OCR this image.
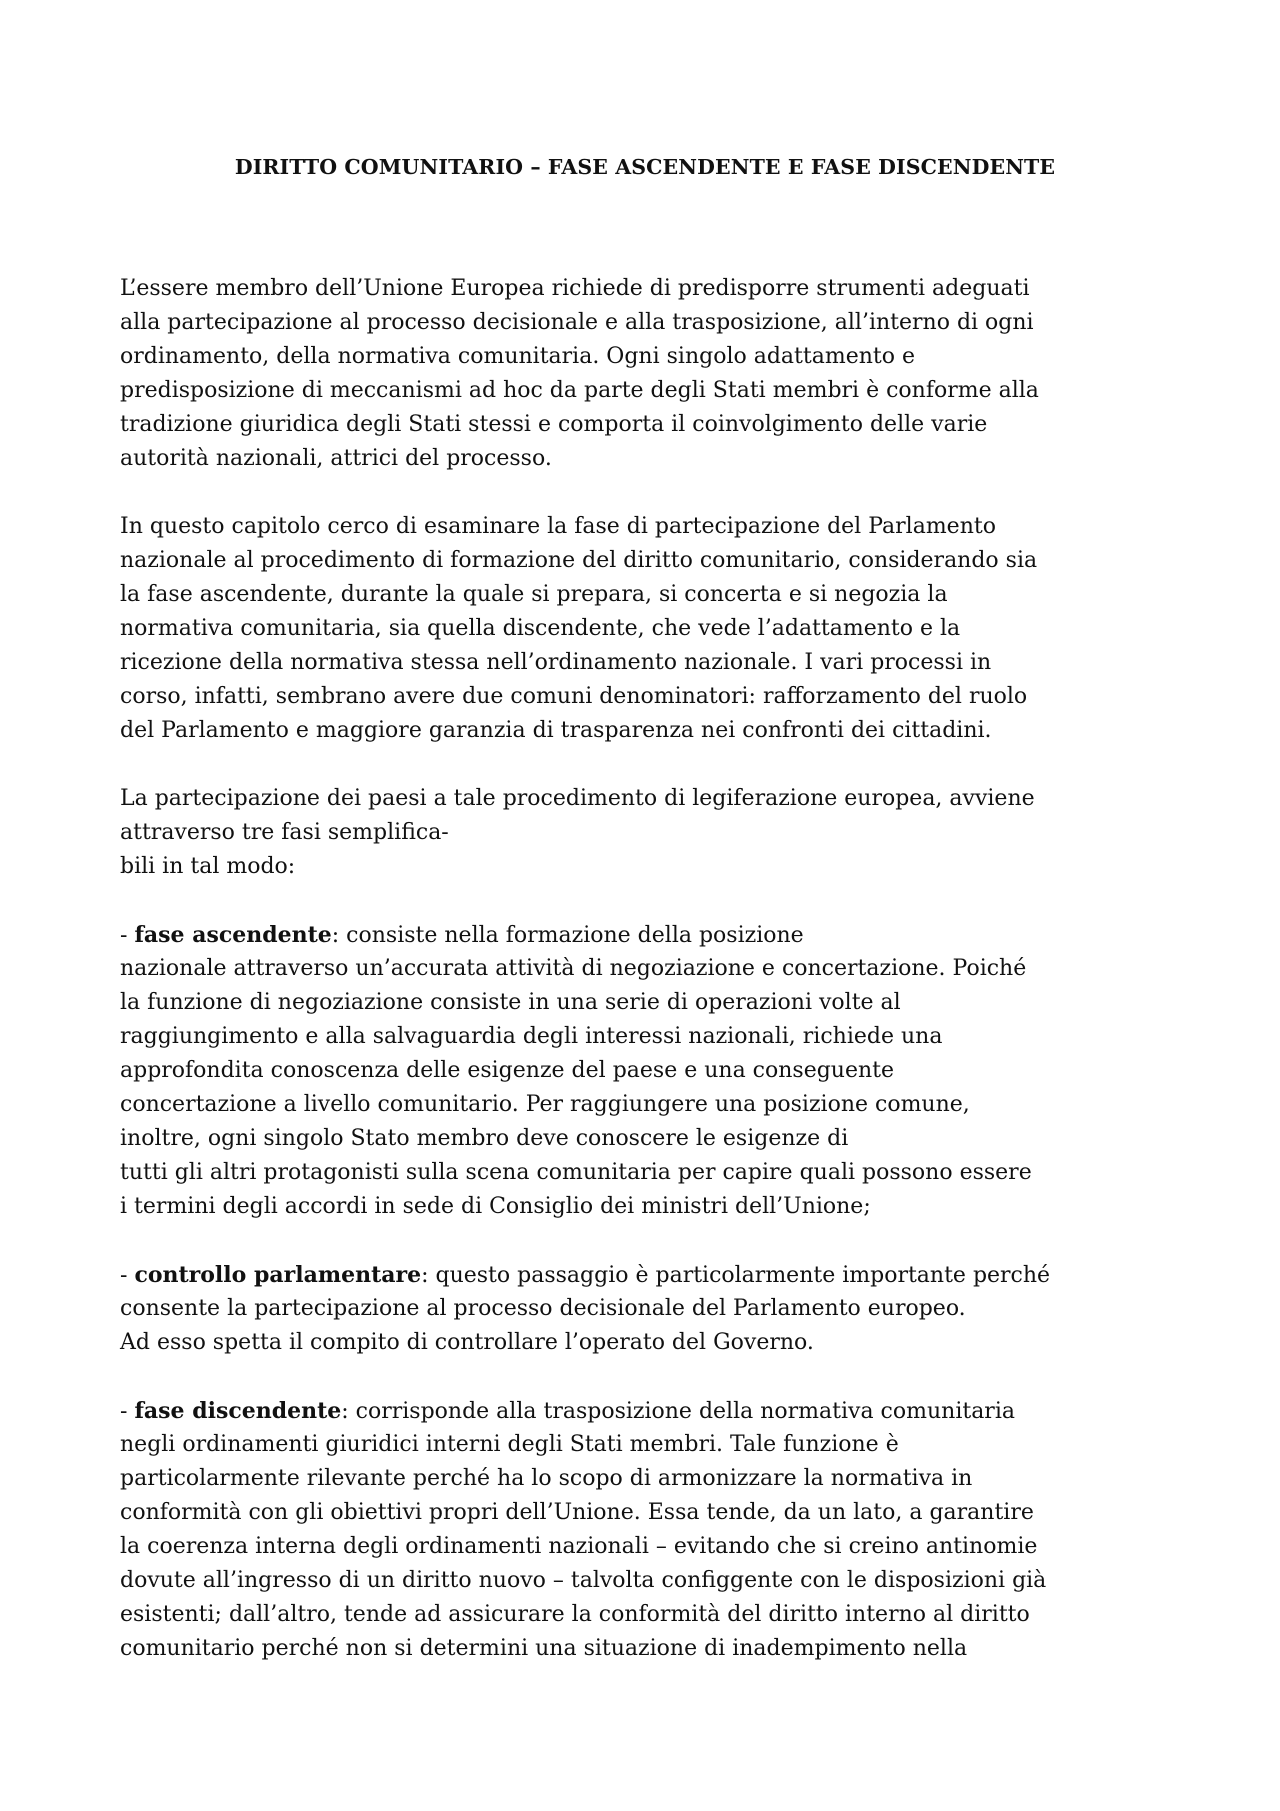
DIRITTO COMUNITARIO – FASE ASCENDENTE E FASE DISCENDENTE
L’essere membro dell’Unione Europea richiede di predisporre strumenti adeguati
alla partecipazione al processo decisionale e alla trasposizione, all’interno di ogni
ordinamento, della normativa comunitaria. Ogni singolo adattamento e
predisposizione di meccanismi ad hoc da parte degli Stati membri è conforme alla
tradizione giuridica degli Stati stessi e comporta il coinvolgimento delle varie
autorità nazionali, attrici del processo.
In questo capitolo cerco di esaminare la fase di partecipazione del Parlamento
nazionale al procedimento di formazione del diritto comunitario, considerando sia
la fase ascendente, durante la quale si prepara, si concerta e si negozia la
normativa comunitaria, sia quella discendente, che vede l’adattamento e la
ricezione della normativa stessa nell’ordinamento nazionale. I vari processi in
corso, infatti, sembrano avere due comuni denominatori: rafforzamento del ruolo
del Parlamento e maggiore garanzia di trasparenza nei confronti dei cittadini.
La partecipazione dei paesi a tale procedimento di legiferazione europea, avviene
attraverso tre fasi semplifica-
bili in tal modo:
- fase ascendente: consiste nella formazione della posizione
nazionale attraverso un’accurata attività di negoziazione e concertazione. Poiché
la funzione di negoziazione consiste in una serie di operazioni volte al
raggiungimento e alla salvaguardia degli interessi nazionali, richiede una
approfondita conoscenza delle esigenze del paese e una conseguente
concertazione a livello comunitario. Per raggiungere una posizione comune,
inoltre, ogni singolo Stato membro deve conoscere le esigenze di
tutti gli altri protagonisti sulla scena comunitaria per capire quali possono essere
i termini degli accordi in sede di Consiglio dei ministri dell’Unione;
- controllo parlamentare: questo passaggio è particolarmente importante perché
consente la partecipazione al processo decisionale del Parlamento europeo.
Ad esso spetta il compito di controllare l’operato del Governo.
- fase discendente: corrisponde alla trasposizione della normativa comunitaria
negli ordinamenti giuridici interni degli Stati membri. Tale funzione è
particolarmente rilevante perché ha lo scopo di armonizzare la normativa in
conformità con gli obiettivi propri dell’Unione. Essa tende, da un lato, a garantire
la coerenza interna degli ordinamenti nazionali – evitando che si creino antinomie
dovute all’ingresso di un diritto nuovo – talvolta configgente con le disposizioni già
esistenti; dall’altro, tende ad assicurare la conformità del diritto interno al diritto
comunitario perché non si determini una situazione di inadempimento nella
